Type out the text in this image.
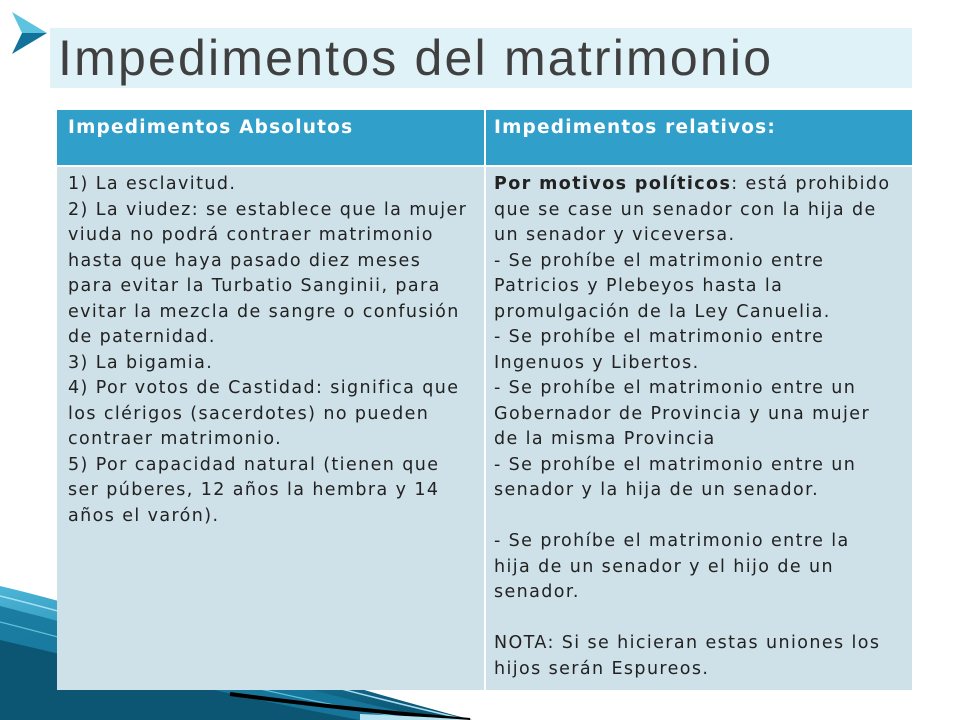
Impedimentos del matrimonio
Impedimentos Absolutos	Impedimentos relativos:
1) La esclavitud.
2) La viudez: se establece que la mujer
viuda no podrá contraer matrimonio
hasta que haya pasado diez meses
para evitar la Turbatio Sanginii, para
evitar la mezcla de sangre o confusión
de paternidad.
3) La bigamia.
4) Por votos de Castidad: significa que
los clérigos (sacerdotes) no pueden
contraer matrimonio.
5) Por capacidad natural (tienen que
ser púberes, 12 años la hembra y 14
años el varón).
Por motivos políticos: está prohibido
que se case un senador con la hija de
un senador y viceversa.
- Se prohíbe el matrimonio entre
Patricios y Plebeyos hasta la
promulgación de la Ley Canuelia.
- Se prohíbe el matrimonio entre
Ingenuos y Libertos.
- Se prohíbe el matrimonio entre un
Gobernador de Provincia y una mujer
de la misma Provincia
- Se prohíbe el matrimonio entre un
senador y la hija de un senador.
- Se prohíbe el matrimonio entre la
hija de un senador y el hijo de un
senador.
NOTA: Si se hicieran estas uniones los
hijos serán Espureos.
